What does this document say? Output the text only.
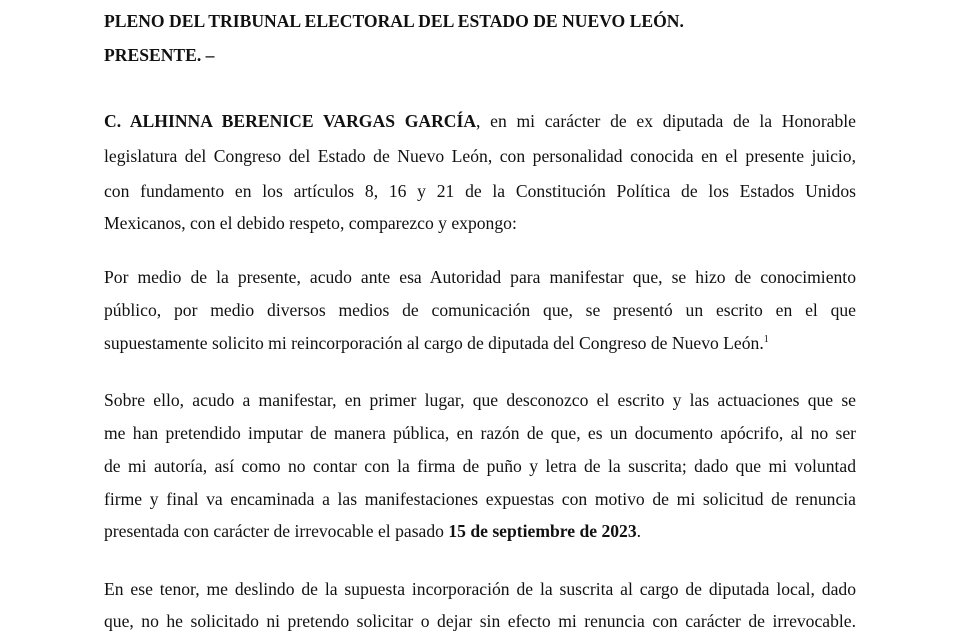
PLENO DEL TRIBUNAL ELECTORAL DEL ESTADO DE NUEVO LEÓN.
PRESENTE. –
C. ALHINNA BERENICE VARGAS GARCÍA, en mi carácter de ex diputada de la Honorable
legislatura del Congreso del Estado de Nuevo León, con personalidad conocida en el presente juicio,
con fundamento en los artículos 8, 16 y 21 de la Constitución Política de los Estados Unidos
Mexicanos, con el debido respeto, comparezco y expongo:
Por medio de la presente, acudo ante esa Autoridad para manifestar que, se hizo de conocimiento
público, por medio diversos medios de comunicación que, se presentó un escrito en el que
supuestamente solicito mi reincorporación al cargo de diputada del Congreso de Nuevo León.$^1$
Sobre ello, acudo a manifestar, en primer lugar, que desconozco el escrito y las actuaciones que se
me han pretendido imputar de manera pública, en razón de que, es un documento apócrifo, al no ser
de mi autoría, así como no contar con la firma de puño y letra de la suscrita; dado que mi voluntad
firme y final va encaminada a las manifestaciones expuestas con motivo de mi solicitud de renuncia
presentada con carácter de irrevocable el pasado 15 de septiembre de 2023.
En ese tenor, me deslindo de la supuesta incorporación de la suscrita al cargo de diputada local, dado
que, no he solicitado ni pretendo solicitar o dejar sin efecto mi renuncia con carácter de irrevocable.
